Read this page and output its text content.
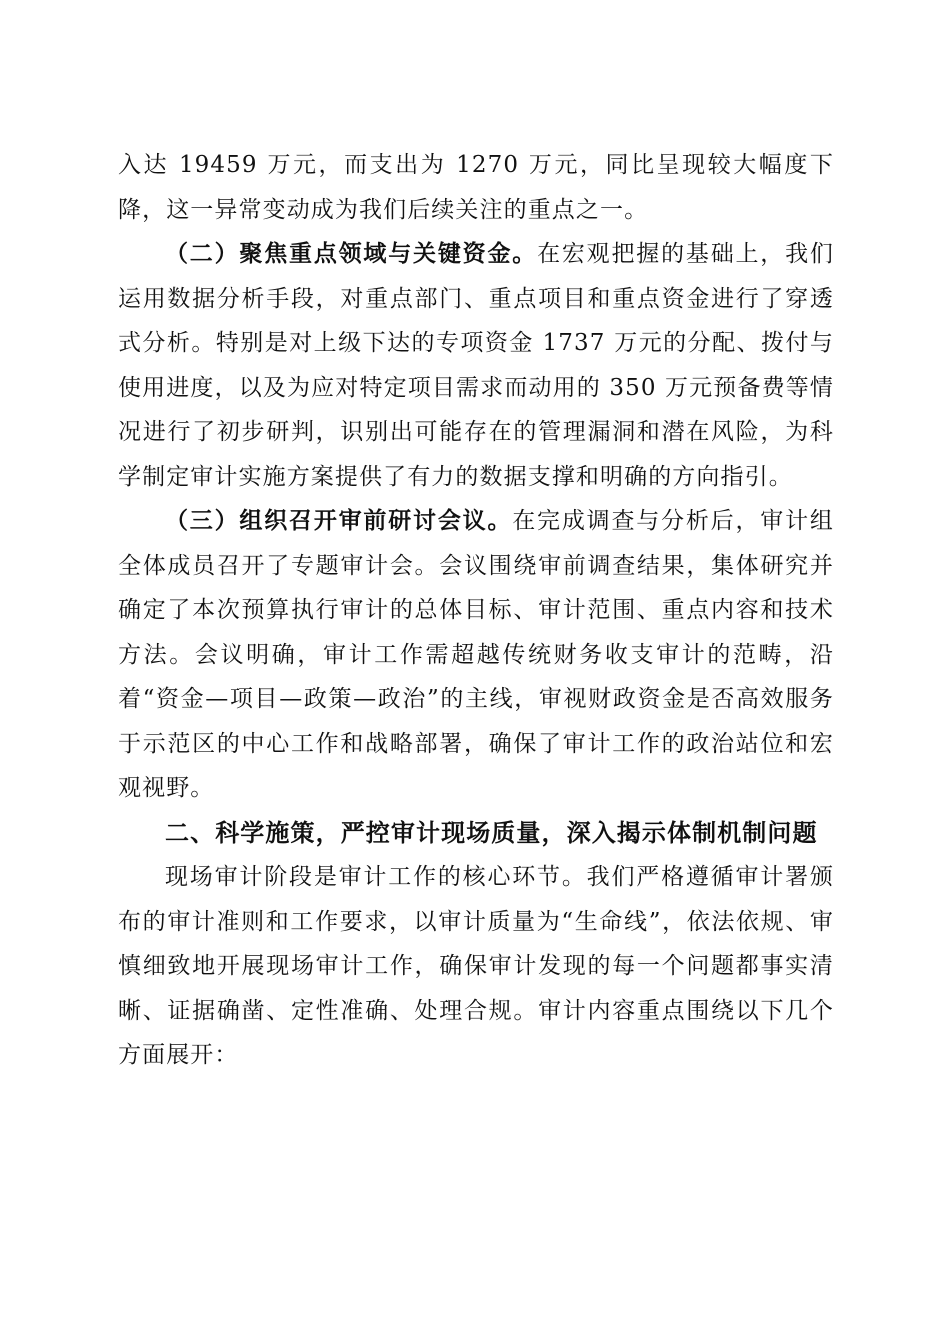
入达 19459 万元，而支出为 1270 万元，同比呈现较大幅度下降，这一异常变动成为我们后续关注的重点之一。

（二）聚焦重点领域与关键资金。在宏观把握的基础上，我们运用数据分析手段，对重点部门、重点项目和重点资金进行了穿透式分析。特别是对上级下达的专项资金 1737 万元的分配、拨付与使用进度，以及为应对特定项目需求而动用的 350 万元预备费等情况进行了初步研判，识别出可能存在的管理漏洞和潜在风险，为科学制定审计实施方案提供了有力的数据支撑和明确的方向指引。

（三）组织召开审前研讨会议。在完成调查与分析后，审计组全体成员召开了专题审计会。会议围绕审前调查结果，集体研究并确定了本次预算执行审计的总体目标、审计范围、重点内容和技术方法。会议明确，审计工作需超越传统财务收支审计的范畴，沿着“资金—项目—政策—政治”的主线，审视财政资金是否高效服务于示范区的中心工作和战略部署，确保了审计工作的政治站位和宏观视野。

二、科学施策，严控审计现场质量，深入揭示体制机制问题

现场审计阶段是审计工作的核心环节。我们严格遵循审计署颁布的审计准则和工作要求，以审计质量为“生命线”，依法依规、审慎细致地开展现场审计工作，确保审计发现的每一个问题都事实清晰、证据确凿、定性准确、处理合规。审计内容重点围绕以下几个方面展开：
